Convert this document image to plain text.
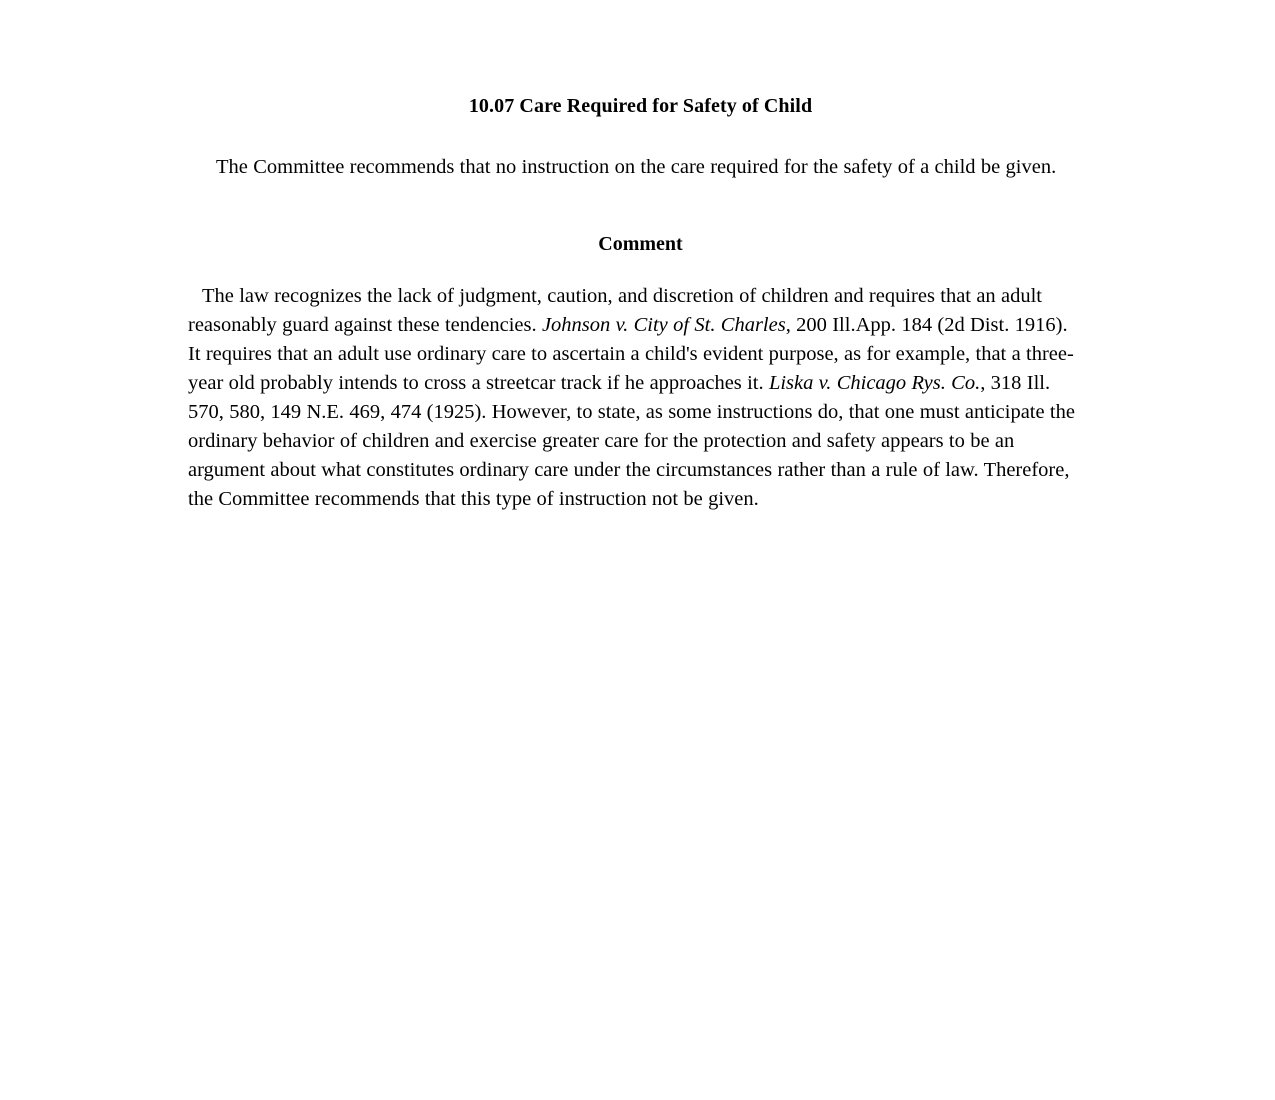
10.07 Care Required for Safety of Child

The Committee recommends that no instruction on the care required for the safety of a child be given.

Comment

The law recognizes the lack of judgment, caution, and discretion of children and requires that an adult reasonably guard against these tendencies. Johnson v. City of St. Charles, 200 Ill.App. 184 (2d Dist. 1916). It requires that an adult use ordinary care to ascertain a child's evident purpose, as for example, that a three-year old probably intends to cross a streetcar track if he approaches it. Liska v. Chicago Rys. Co., 318 Ill. 570, 580, 149 N.E. 469, 474 (1925). However, to state, as some instructions do, that one must anticipate the ordinary behavior of children and exercise greater care for the protection and safety appears to be an argument about what constitutes ordinary care under the circumstances rather than a rule of law. Therefore, the Committee recommends that this type of instruction not be given.
